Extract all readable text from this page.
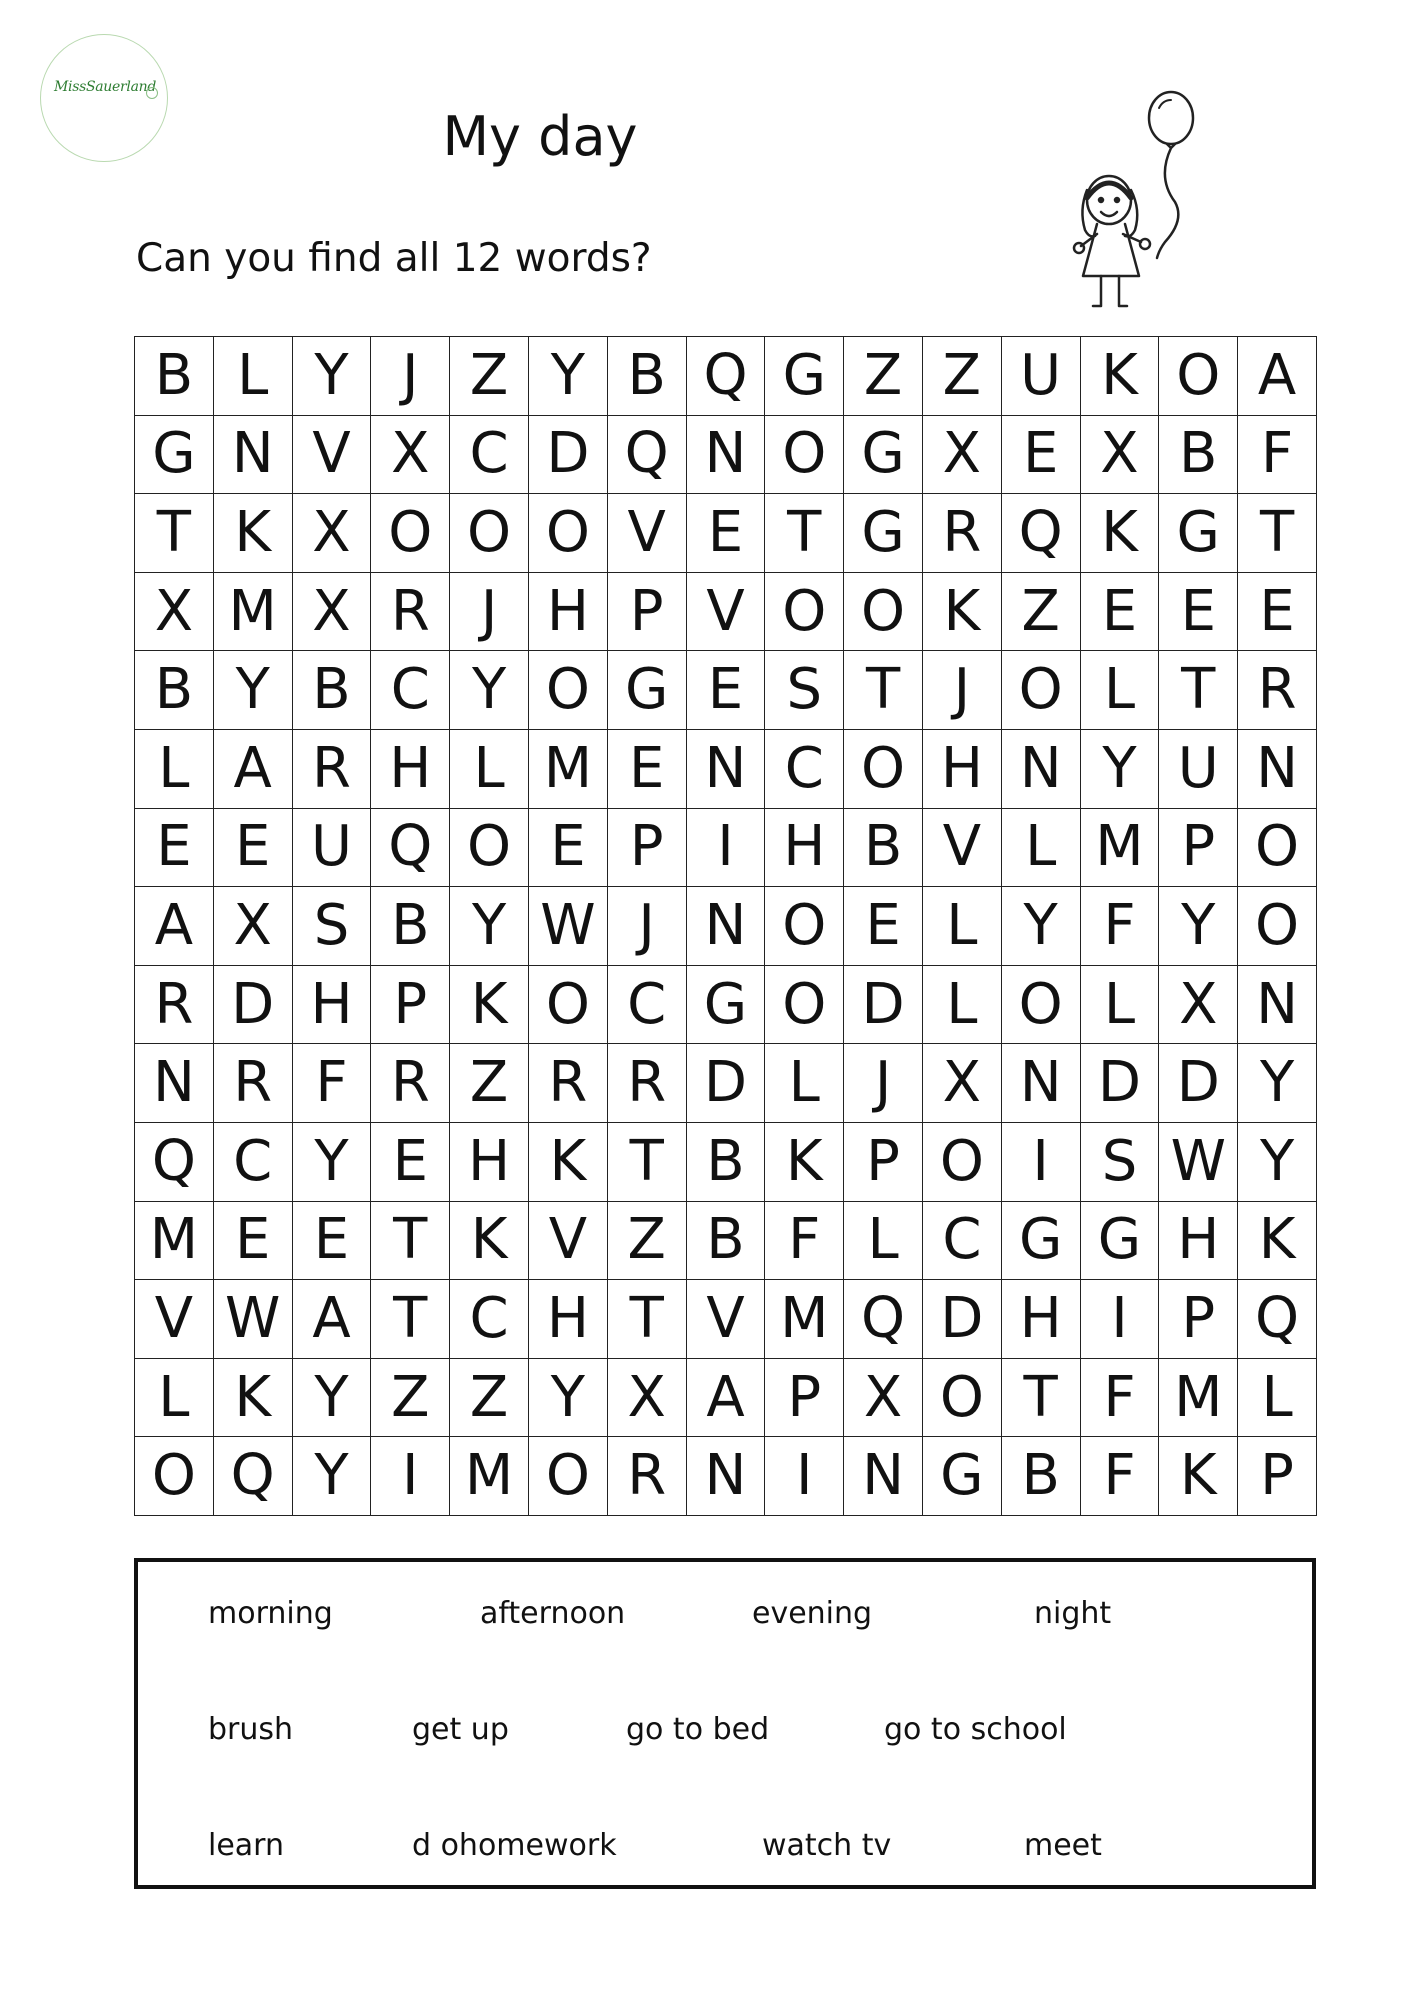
MissSauerland
My day
Can you find all 12 words?
B L Y J Z Y B Q G Z Z U K O A
G N V X C D Q N O G X E X B F
T K X O O O V E T G R Q K G T
X M X R J H P V O O K Z E E E
B Y B C Y O G E S T J O L T R
L A R H L M E N C O H N Y U N
E E U Q O E P I H B V L M P O
A X S B Y W J N O E L Y F Y O
R D H P K O C G O D L O L X N
N R F R Z R R D L J X N D D Y
Q C Y E H K T B K P O I S W Y
M E E T K V Z B F L C G G H K
V W A T C H T V M Q D H I P Q
L K Y Z Z Y X A P X O T F M L
O Q Y I M O R N I N G B F K P
morning	afternoon	evening	night
brush	get up	go to bed	go to school
learn	d ohomework	watch tv	meet
